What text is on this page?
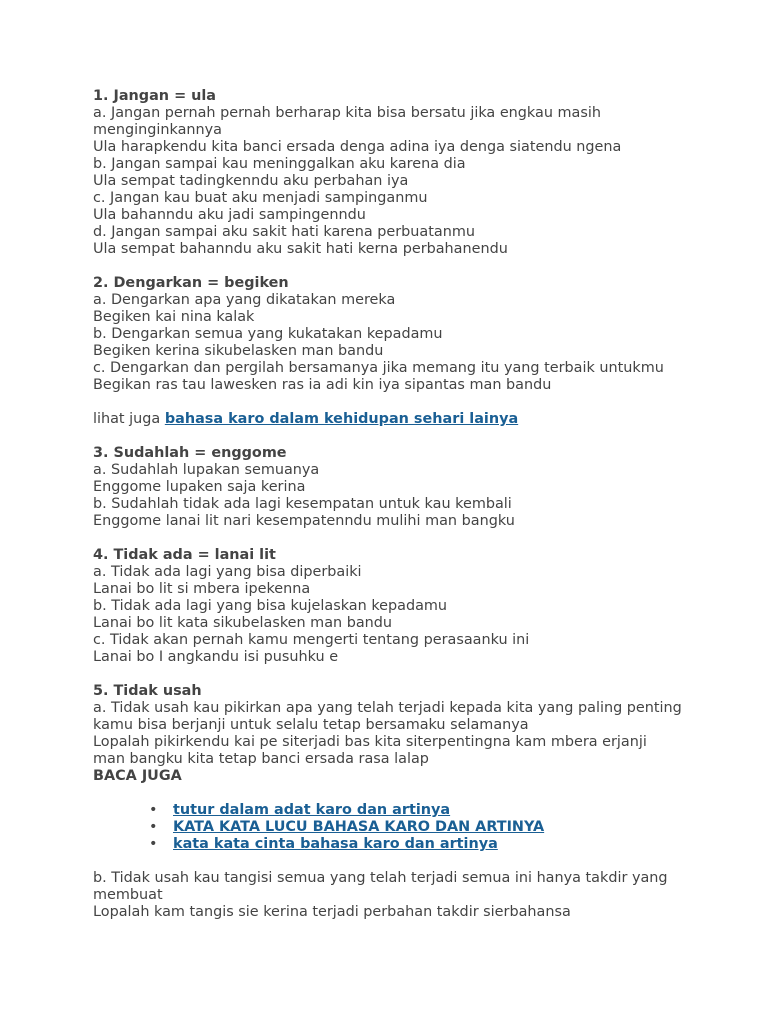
1. Jangan = ula
a. Jangan pernah pernah berharap kita bisa bersatu jika engkau masih menginginkannya
Ula harapkendu kita banci ersada denga adina iya denga siatendu ngena
b. Jangan sampai kau meninggalkan aku karena dia
Ula sempat tadingkenndu aku perbahan iya
c. Jangan kau buat aku menjadi sampinganmu
Ula bahanndu aku jadi sampingenndu
d. Jangan sampai aku sakit hati karena perbuatanmu
Ula sempat bahanndu aku sakit hati kerna perbahanendu
2. Dengarkan = begiken
a. Dengarkan apa yang dikatakan mereka
Begiken kai nina kalak
b. Dengarkan semua yang kukatakan kepadamu
Begiken kerina sikubelasken man bandu
c. Dengarkan dan pergilah bersamanya jika memang itu yang terbaik untukmu
Begikan ras tau lawesken ras ia adi kin iya sipantas man bandu
lihat juga bahasa karo dalam kehidupan sehari lainya
3. Sudahlah = enggome
a. Sudahlah lupakan semuanya
Enggome lupaken saja kerina
b. Sudahlah tidak ada lagi kesempatan untuk kau kembali
Enggome lanai lit nari kesempatenndu mulihi man bangku
4. Tidak ada = lanai lit
a. Tidak ada lagi yang bisa diperbaiki
Lanai bo lit si mbera ipekenna
b. Tidak ada lagi yang bisa kujelaskan kepadamu
Lanai bo lit kata sikubelasken man bandu
c. Tidak akan pernah kamu mengerti tentang perasaanku ini
Lanai bo I angkandu isi pusuhku e
5. Tidak usah
a. Tidak usah kau pikirkan apa yang telah terjadi kepada kita yang paling penting kamu bisa berjanji untuk selalu tetap bersamaku selamanya
Lopalah pikirkendu kai pe siterjadi bas kita siterpentingna kam mbera erjanji man bangku kita tetap banci ersada rasa lalap
BACA JUGA
• tutur dalam adat karo dan artinya
• KATA KATA LUCU BAHASA KARO DAN ARTINYA
• kata kata cinta bahasa karo dan artinya
b. Tidak usah kau tangisi semua yang telah terjadi semua ini hanya takdir yang membuat
Lopalah kam tangis sie kerina terjadi perbahan takdir sierbahansa
